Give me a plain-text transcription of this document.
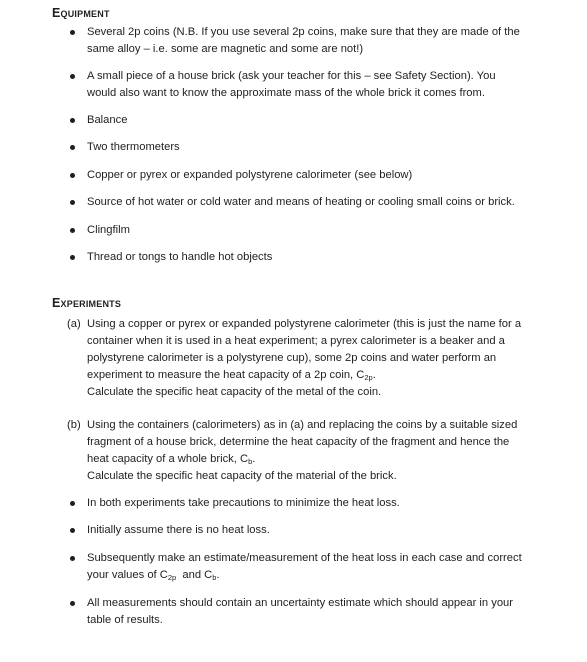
Equipment
Several 2p coins (N.B. If you use several 2p coins, make sure that they are made of the same alloy – i.e. some are magnetic and some are not!)
A small piece of a house brick (ask your teacher for this – see Safety Section). You would also want to know the approximate mass of the whole brick it comes from.
Balance
Two thermometers
Copper or pyrex or expanded polystyrene calorimeter (see below)
Source of hot water or cold water and means of heating or cooling small coins or brick.
Clingfilm
Thread or tongs to handle hot objects
Experiments
(a) Using a copper or pyrex or expanded polystyrene calorimeter (this is just the name for a container when it is used in a heat experiment; a pyrex calorimeter is a beaker and a polystyrene calorimeter is a polystyrene cup), some 2p coins and water perform an experiment to measure the heat capacity of a 2p coin, $C_{2p}$.

Calculate the specific heat capacity of the metal of the coin.

(b) Using the containers (calorimeters) as in (a) and replacing the coins by a suitable sized fragment of a house brick, determine the heat capacity of the fragment and hence the heat capacity of a whole brick, $C_b$.

Calculate the specific heat capacity of the material of the brick.

In both experiments take precautions to minimize the heat loss.
Initially assume there is no heat loss.
Subsequently make an estimate/measurement of the heat loss in each case and correct your values of $C_{2p}$  and $C_b$.
All measurements should contain an uncertainty estimate which should appear in your table of results.
